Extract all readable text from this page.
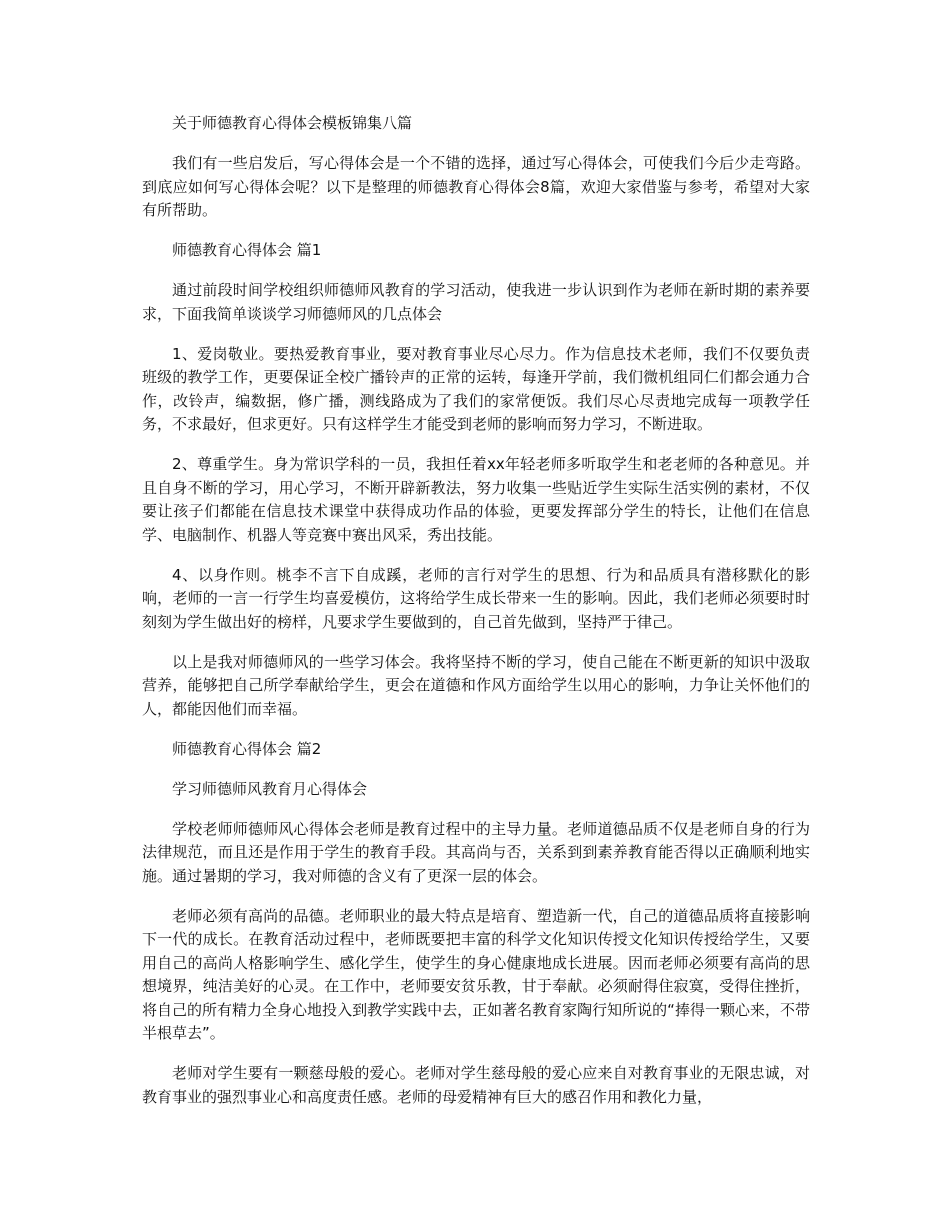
关于师德教育心得体会模板锦集八篇

我们有一些启发后，写心得体会是一个不错的选择，通过写心得体会，可使我们今后少走弯路。到底应如何写心得体会呢？以下是整理的师德教育心得体会8篇，欢迎大家借鉴与参考，希望对大家有所帮助。

师德教育心得体会 篇1

通过前段时间学校组织师德师风教育的学习活动，使我进一步认识到作为老师在新时期的素养要求，下面我简单谈谈学习师德师风的几点体会

1、爱岗敬业。要热爱教育事业，要对教育事业尽心尽力。作为信息技术老师，我们不仅要负责班级的教学工作，更要保证全校广播铃声的正常的运转，每逢开学前，我们微机组同仁们都会通力合作，改铃声，编数据，修广播，测线路成为了我们的家常便饭。我们尽心尽责地完成每一项教学任务，不求最好，但求更好。只有这样学生才能受到老师的影响而努力学习，不断进取。

2、尊重学生。身为常识学科的一员，我担任着xx年轻老师多听取学生和老老师的各种意见。并且自身不断的学习，用心学习，不断开辟新教法，努力收集一些贴近学生实际生活实例的素材，不仅要让孩子们都能在信息技术课堂中获得成功作品的体验，更要发挥部分学生的特长，让他们在信息学、电脑制作、机器人等竞赛中赛出风采，秀出技能。

4、以身作则。桃李不言下自成蹊，老师的言行对学生的思想、行为和品质具有潜移默化的影响，老师的一言一行学生均喜爱模仿，这将给学生成长带来一生的影响。因此，我们老师必须要时时刻刻为学生做出好的榜样，凡要求学生要做到的，自己首先做到，坚持严于律己。

以上是我对师德师风的一些学习体会。我将坚持不断的学习，使自己能在不断更新的知识中汲取营养，能够把自己所学奉献给学生，更会在道德和作风方面给学生以用心的影响，力争让关怀他们的人，都能因他们而幸福。

师德教育心得体会 篇2

学习师德师风教育月心得体会

学校老师师德师风心得体会老师是教育过程中的主导力量。老师道德品质不仅是老师自身的行为法律规范，而且还是作用于学生的教育手段。其高尚与否，关系到到素养教育能否得以正确顺利地实施。通过暑期的学习，我对师德的含义有了更深一层的体会。

老师必须有高尚的品德。老师职业的最大特点是培育、塑造新一代，自己的道德品质将直接影响下一代的成长。在教育活动过程中，老师既要把丰富的科学文化知识传授文化知识传授给学生，又要用自己的高尚人格影响学生、感化学生，使学生的身心健康地成长进展。因而老师必须要有高尚的思想境界，纯洁美好的心灵。在工作中，老师要安贫乐教，甘于奉献。必须耐得住寂寞，受得住挫折，将自己的所有精力全身心地投入到教学实践中去，正如著名教育家陶行知所说的“捧得一颗心来，不带半根草去”。

老师对学生要有一颗慈母般的爱心。老师对学生慈母般的爱心应来自对教育事业的无限忠诚，对教育事业的强烈事业心和高度责任感。老师的母爱精神有巨大的感召作用和教化力量，
